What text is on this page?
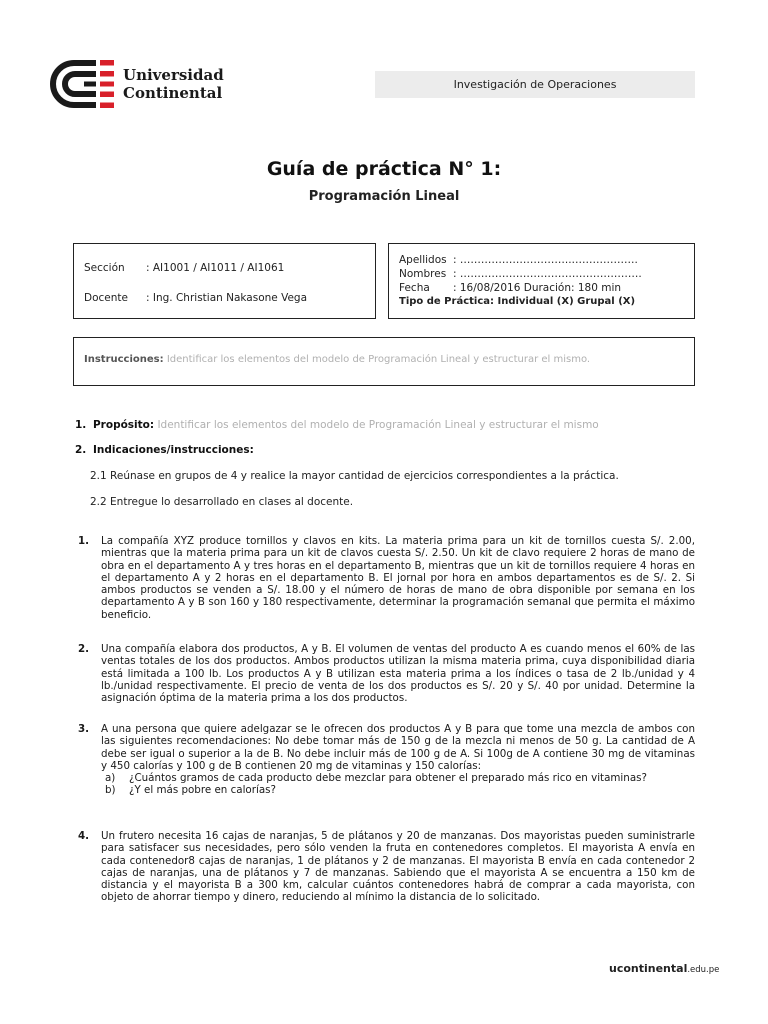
Universidad
Continental	Investigación de Operaciones
Guía de práctica N° 1:
Programación Lineal
Sección : AI1001 / AI1011 / AI1061
Docente : Ing. Christian Nakasone Vega
Apellidos : …………………………..……………….
Nombres : …………………………………………….
Fecha : 16/08/2016 Duración: 180 min
Tipo de Práctica: Individual (X) Grupal (X)
Instrucciones: Identificar los elementos del modelo de Programación Lineal y estructurar el mismo.
1. Propósito: Identificar los elementos del modelo de Programación Lineal y estructurar el mismo
2. Indicaciones/instrucciones:
2.1 Reúnase en grupos de 4 y realice la mayor cantidad de ejercicios correspondientes a la práctica.
2.2 Entregue lo desarrollado en clases al docente.
1. La compañía XYZ produce tornillos y clavos en kits. La materia prima para un kit de tornillos cuesta S/. 2.00, mientras que la materia prima para un kit de clavos cuesta S/. 2.50. Un kit de clavo requiere 2 horas de mano de obra en el departamento A y tres horas en el departamento B, mientras que un kit de tornillos requiere 4 horas en el departamento A y 2 horas en el departamento B. El jornal por hora en ambos departamentos es de S/. 2. Si ambos productos se venden a S/. 18.00 y el número de horas de mano de obra disponible por semana en los departamento A y B son 160 y 180 respectivamente, determinar la programación semanal que permita el máximo beneficio.
2. Una compañía elabora dos productos, A y B. El volumen de ventas del producto A es cuando menos el 60% de las ventas totales de los dos productos. Ambos productos utilizan la misma materia prima, cuya disponibilidad diaria está limitada a 100 lb. Los productos A y B utilizan esta materia prima a los índices o tasa de 2 lb./unidad y 4 lb./unidad respectivamente. El precio de venta de los dos productos es S/. 20 y S/. 40 por unidad. Determine la asignación óptima de la materia prima a los dos productos.
3. A una persona que quiere adelgazar se le ofrecen dos productos A y B para que tome una mezcla de ambos con las siguientes recomendaciones: No debe tomar más de 150 g de la mezcla ni menos de 50 g. La cantidad de A debe ser igual o superior a la de B. No debe incluir más de 100 g de A. Si 100g de A contiene 30 mg de vitaminas y 450 calorías y 100 g de B contienen 20 mg de vitaminas y 150 calorías:
a) ¿Cuántos gramos de cada producto debe mezclar para obtener el preparado más rico en vitaminas?
b) ¿Y el más pobre en calorías?
4. Un frutero necesita 16 cajas de naranjas, 5 de plátanos y 20 de manzanas. Dos mayoristas pueden suministrarle para satisfacer sus necesidades, pero sólo venden la fruta en contenedores completos. El mayorista A envía en cada contenedor8 cajas de naranjas, 1 de plátanos y 2 de manzanas. El mayorista B envía en cada contenedor 2 cajas de naranjas, una de plátanos y 7 de manzanas. Sabiendo que el mayorista A se encuentra a 150 km de distancia y el mayorista B a 300 km, calcular cuántos contenedores habrá de comprar a cada mayorista, con objeto de ahorrar tiempo y dinero, reduciendo al mínimo la distancia de lo solicitado.
ucontinental.edu.pe
